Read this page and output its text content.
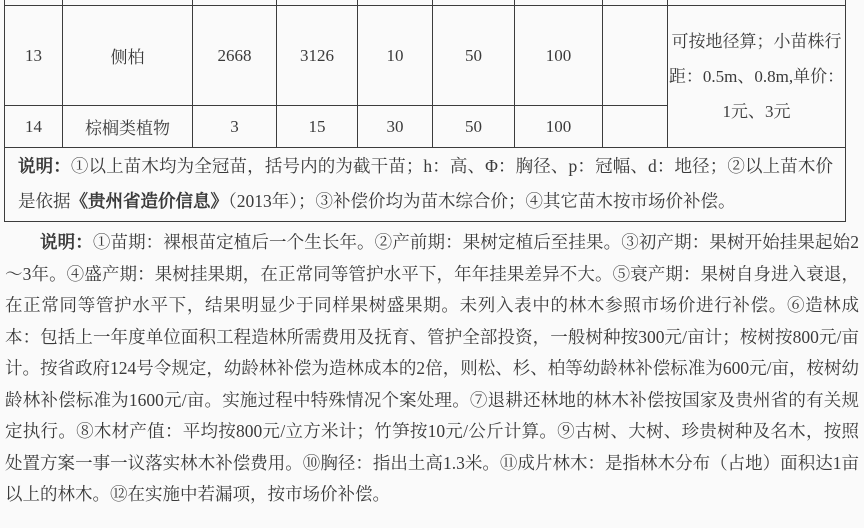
13	侧柏	2668	3126	10	50	100		可按地径算；小苗株行距：0.5m、0.8m,单价：1元、3元
14	棕榈类植物	3	15	30	50	100		
说明：①以上苗木均为全冠苗，括号内的为截干苗；h：高、Φ：胸径、p：冠幅、d：地径；②以上苗木价是依据《贵州省造价信息》（2013年）；③补偿价均为苗木综合价；④其它苗木按市场价补偿。								
说明：①苗期：裸根苗定植后一个生长年。②产前期：果树定植后至挂果。③初产期：果树开始挂果起始2～3年。④盛产期：果树挂果期，在正常同等管护水平下，年年挂果差异不大。⑤衰产期：果树自身进入衰退，在正常同等管护水平下，结果明显少于同样果树盛果期。未列入表中的林木参照市场价进行补偿。⑥造林成本：包括上一年度单位面积工程造林所需费用及抚育、管护全部投资，一般树种按300元/亩计；桉树按800元/亩计。按省政府124号令规定，幼龄林补偿为造林成本的2倍，则松、杉、柏等幼龄林补偿标准为600元/亩，桉树幼龄林补偿标准为1600元/亩。实施过程中特殊情况个案处理。⑦退耕还林地的林木补偿按国家及贵州省的有关规定执行。⑧木材产值：平均按800元/立方米计；竹笋按10元/公斤计算。⑨古树、大树、珍贵树种及名木，按照处置方案一事一议落实林木补偿费用。⑩胸径：指出土高1.3米。⑪成片林木：是指林木分布（占地）面积达1亩以上的林木。⑫在实施中若漏项，按市场价补偿。
